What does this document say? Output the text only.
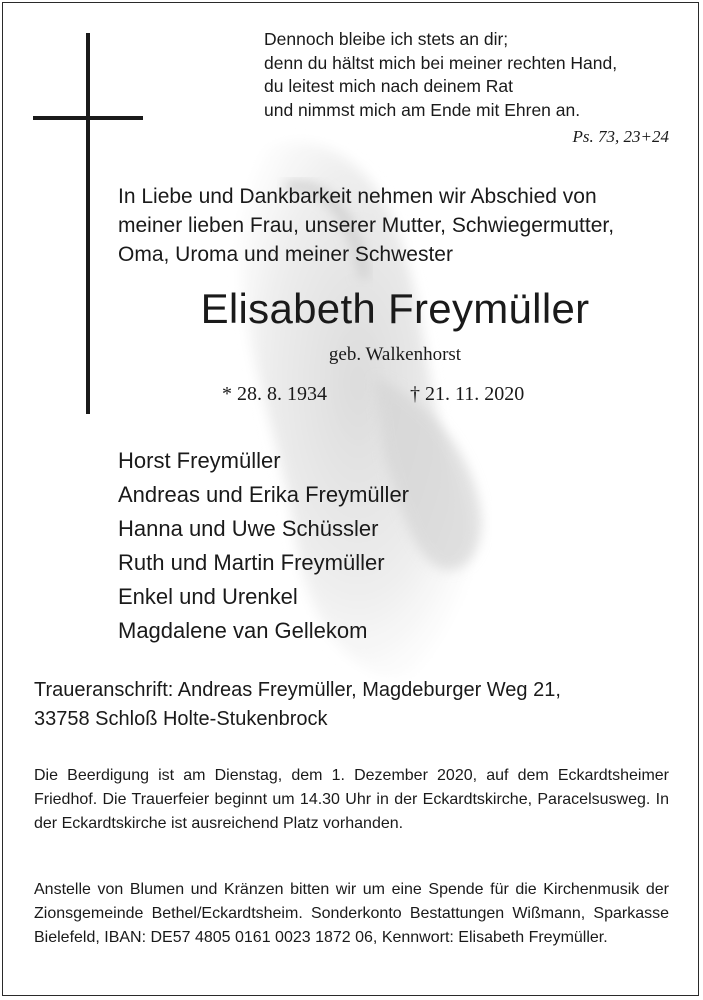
Dennoch bleibe ich stets an dir;
denn du hältst mich bei meiner rechten Hand,
du leitest mich nach deinem Rat
und nimmst mich am Ende mit Ehren an.
Ps. 73, 23+24
In Liebe und Dankbarkeit nehmen wir Abschied von
meiner lieben Frau, unserer Mutter, Schwiegermutter,
Oma, Uroma und meiner Schwester
Elisabeth Freymüller
geb. Walkenhorst
* 28. 8. 1934	† 21. 11. 2020
Horst Freymüller
Andreas und Erika Freymüller
Hanna und Uwe Schüssler
Ruth und Martin Freymüller
Enkel und Urenkel
Magdalene van Gellekom
Traueranschrift: Andreas Freymüller, Magdeburger Weg 21,
33758 Schloß Holte-Stukenbrock
Die Beerdigung ist am Dienstag, dem 1. Dezember 2020, auf dem Eckardtsheimer Friedhof. Die Trauerfeier beginnt um 14.30 Uhr in der Eckardtskirche, Paracelsusweg. In der Eckardtskirche ist ausreichend Platz vorhanden.
Anstelle von Blumen und Kränzen bitten wir um eine Spende für die Kirchenmusik der Zionsgemeinde Bethel/Eckardtsheim. Sonderkonto Bestattungen Wißmann, Sparkasse Bielefeld, IBAN: DE57 4805 0161 0023 1872 06, Kennwort: Elisabeth Freymüller.
